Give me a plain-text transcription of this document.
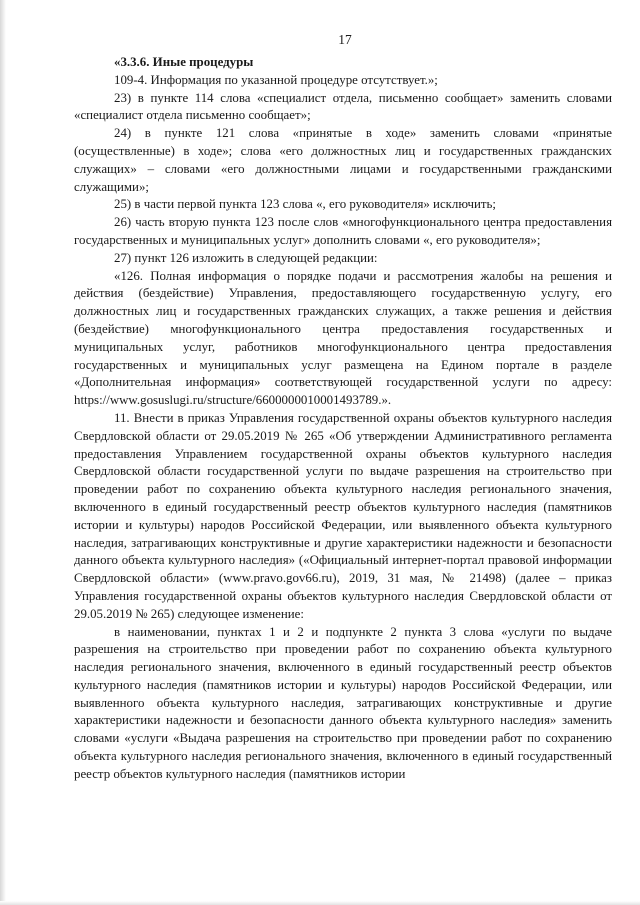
17

«3.3.6. Иные процедуры

109-4. Информация по указанной процедуре отсутствует.»;

23) в пункте 114 слова «специалист отдела, письменно сообщает» заменить словами «специалист отдела письменно сообщает»;

24) в пункте 121 слова «принятые в ходе» заменить словами «принятые (осуществленные) в ходе»; слова «его должностных лиц и государственных гражданских служащих» – словами «его должностными лицами и государственными гражданскими служащими»;

25) в части первой пункта 123 слова «, его руководителя» исключить;

26) часть вторую пункта 123 после слов «многофункционального центра предоставления государственных и муниципальных услуг» дополнить словами «, его руководителя»;

27) пункт 126 изложить в следующей редакции:

«126. Полная информация о порядке подачи и рассмотрения жалобы на решения и действия (бездействие) Управления, предоставляющего государственную услугу, его должностных лиц и государственных гражданских служащих, а также решения и действия (бездействие) многофункционального центра предоставления государственных и муниципальных услуг, работников многофункционального центра предоставления государственных и муниципальных услуг размещена на Едином портале в разделе «Дополнительная информация» соответствующей государственной услуги по адресу: https://www.gosuslugi.ru/structure/6600000010001493789.».

11. Внести в приказ Управления государственной охраны объектов культурного наследия Свердловской области от 29.05.2019 № 265 «Об утверждении Административного регламента предоставления Управлением государственной охраны объектов культурного наследия Свердловской области государственной услуги по выдаче разрешения на строительство при проведении работ по сохранению объекта культурного наследия регионального значения, включенного в единый государственный реестр объектов культурного наследия (памятников истории и культуры) народов Российской Федерации, или выявленного объекта культурного наследия, затрагивающих конструктивные и другие характеристики надежности и безопасности данного объекта культурного наследия» («Официальный интернет-портал правовой информации Свердловской области» (www.pravo.gov66.ru), 2019, 31 мая, № 21498) (далее – приказ Управления государственной охраны объектов культурного наследия Свердловской области от 29.05.2019 № 265) следующее изменение:

в наименовании, пунктах 1 и 2 и подпункте 2 пункта 3 слова «услуги по выдаче разрешения на строительство при проведении работ по сохранению объекта культурного наследия регионального значения, включенного в единый государственный реестр объектов культурного наследия (памятников истории и культуры) народов Российской Федерации, или выявленного объекта культурного наследия, затрагивающих конструктивные и другие характеристики надежности и безопасности данного объекта культурного наследия» заменить словами «услуги «Выдача разрешения на строительство при проведении работ по сохранению объекта культурного наследия регионального значения, включенного в единый государственный реестр объектов культурного наследия (памятников истории
